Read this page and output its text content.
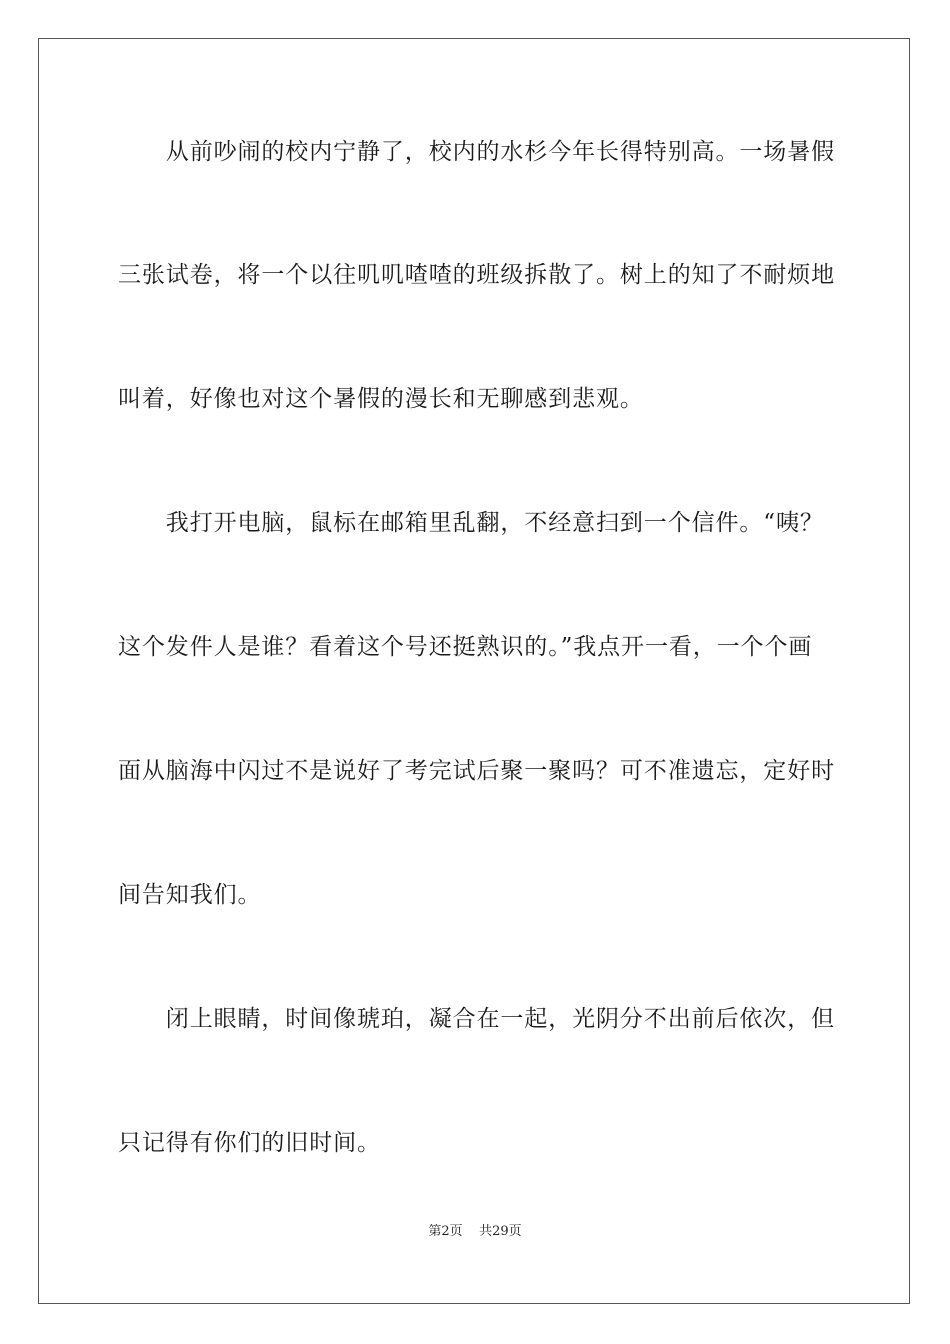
　　从前吵闹的校内宁静了，校内的水杉今年长得特别高。一场暑假
三张试卷，将一个以往叽叽喳喳的班级拆散了。树上的知了不耐烦地
叫着，好像也对这个暑假的漫长和无聊感到悲观。
　　我打开电脑，鼠标在邮箱里乱翻，不经意扫到一个信件。“咦？
这个发件人是谁？看着这个号还挺熟识的。”我点开一看，一个个画
面从脑海中闪过不是说好了考完试后聚一聚吗？可不准遗忘，定好时
间告知我们。
　　闭上眼睛，时间像琥珀，凝合在一起，光阴分不出前后依次，但
只记得有你们的旧时间。
第2页 共29页
